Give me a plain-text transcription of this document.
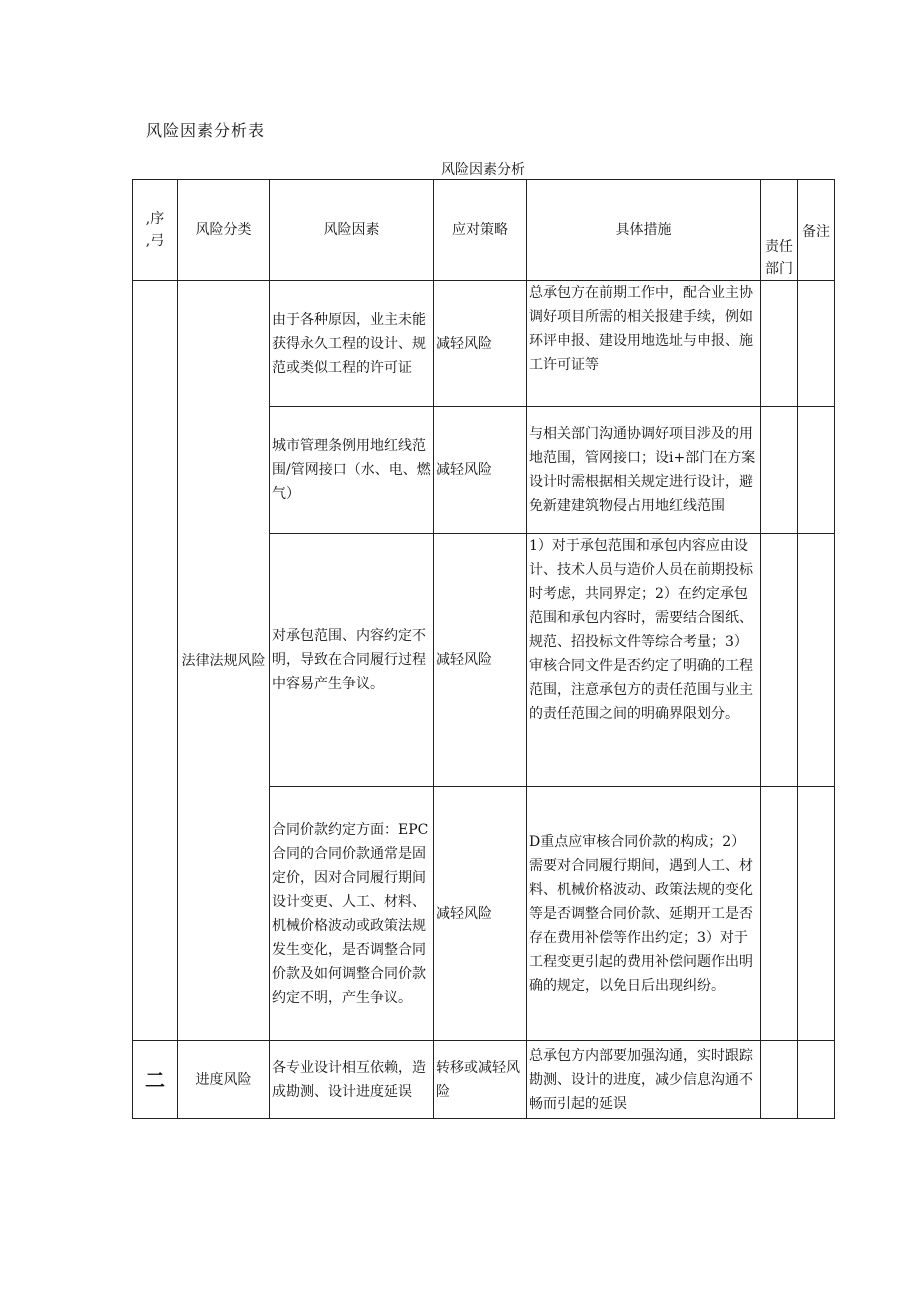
风险因素分析表
风险因素分析
,序
,弓	风险分类	风险因素	应对策略	具体措施	责任部门	备注
	法律法规风险	由于各种原因，业主未能获得永久工程的设计、规范或类似工程的许可证	减轻风险	总承包方在前期工作中，配合业主协调好项目所需的相关报建手续，例如环评申报、建设用地选址与申报、施工许可证等		
		城市管理条例用地红线范围/管网接口（水、电、燃气）	减轻风险	与相关部门沟通协调好项目涉及的用地范围，管网接口；设i+部门在方案设计时需根据相关规定进行设计，避免新建建筑物侵占用地红线范围		
		对承包范围、内容约定不明，导致在合同履行过程中容易产生争议。	减轻风险	1）对于承包范围和承包内容应由设计、技术人员与造价人员在前期投标时考虑，共同界定；2）在约定承包范围和承包内容时，需要结合图纸、规范、招投标文件等综合考量；3）审核合同文件是否约定了明确的工程范围，注意承包方的责任范围与业主的责任范围之间的明确界限划分。		
		合同价款约定方面：EPC合同的合同价款通常是固定价，因对合同履行期间设计变更、人工、材料、机械价格波动或政策法规发生变化，是否调整合同价款及如何调整合同价款约定不明，产生争议。	减轻风险	D重点应审核合同价款的构成；2）需要对合同履行期间，遇到人工、材料、机械价格波动、政策法规的变化等是否调整合同价款、延期开工是否存在费用补偿等作出约定；3）对于工程变更引起的费用补偿问题作出明确的规定，以免日后出现纠纷。		
二	进度风险	各专业设计相互依赖，造成勘测、设计进度延误	转移或减轻风险	总承包方内部要加强沟通，实时跟踪勘测、设计的进度，减少信息沟通不畅而引起的延误		
